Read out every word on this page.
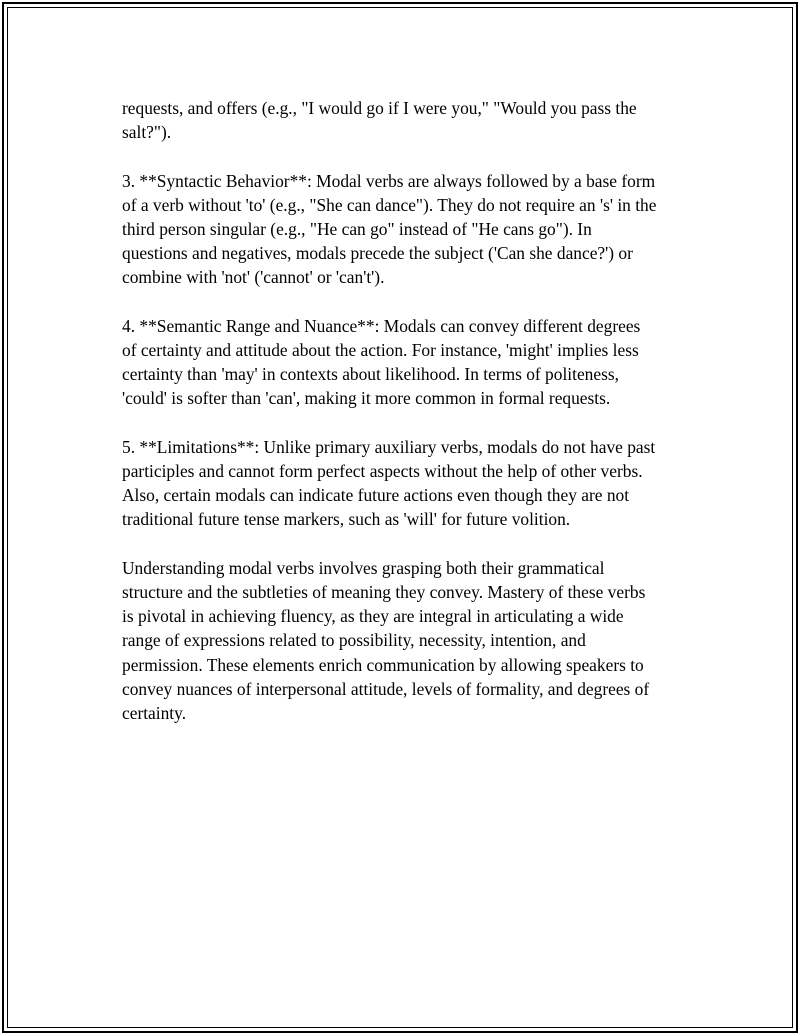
requests, and offers (e.g., "I would go if I were you," "Would you pass the
salt?").

3. **Syntactic Behavior**: Modal verbs are always followed by a base form
of a verb without 'to' (e.g., "She can dance"). They do not require an 's' in the
third person singular (e.g., "He can go" instead of "He cans go"). In
questions and negatives, modals precede the subject ('Can she dance?') or
combine with 'not' ('cannot' or 'can't').

4. **Semantic Range and Nuance**: Modals can convey different degrees
of certainty and attitude about the action. For instance, 'might' implies less
certainty than 'may' in contexts about likelihood. In terms of politeness,
'could' is softer than 'can', making it more common in formal requests.

5. **Limitations**: Unlike primary auxiliary verbs, modals do not have past
participles and cannot form perfect aspects without the help of other verbs.
Also, certain modals can indicate future actions even though they are not
traditional future tense markers, such as 'will' for future volition.

Understanding modal verbs involves grasping both their grammatical
structure and the subtleties of meaning they convey. Mastery of these verbs
is pivotal in achieving fluency, as they are integral in articulating a wide
range of expressions related to possibility, necessity, intention, and
permission. These elements enrich communication by allowing speakers to
convey nuances of interpersonal attitude, levels of formality, and degrees of
certainty.
